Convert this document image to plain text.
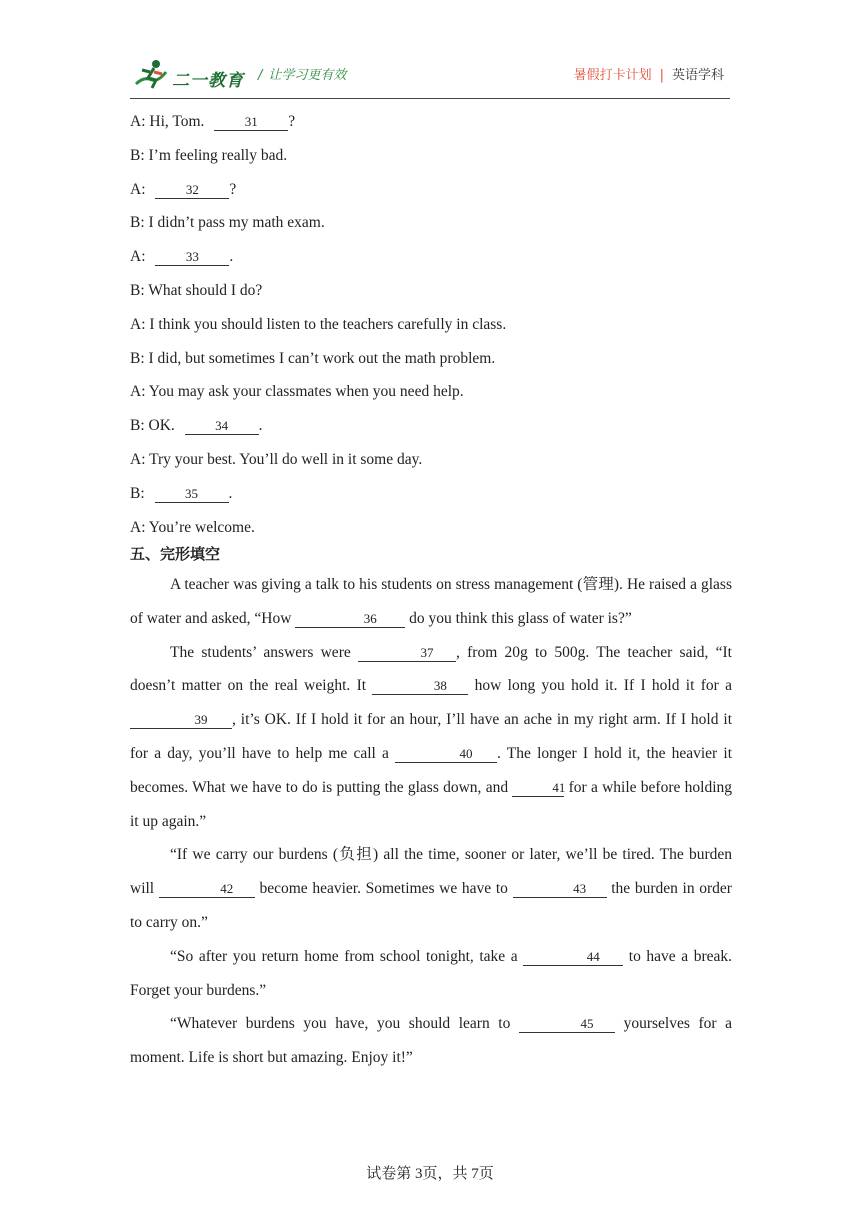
二一教育 / 让学习更有效	暑假打卡计划 | 英语学科
A: Hi, Tom.	31 ?
B: I’m feeling really bad.
A:	32 ?
B: I didn’t pass my math exam.
A:	33 .
B: What should I do?
A: I think you should listen to the teachers carefully in class.
B: I did, but sometimes I can’t work out the math problem.
A: You may ask your classmates when you need help.
B: OK.	34 .
A: Try your best. You’ll do well in it some day.
B:	35 .
A: You’re welcome.
五、完形填空

A teacher was giving a talk to his students on stress management (管理). He raised a glass of water and asked, “How	36 do you think this glass of water is?”

The students’ answers were	37 , from 20g to 500g. The teacher said, “It doesn’t matter on the real weight. It	38 how long you hold it. If I hold it for a 39 , it’s OK. If I hold it for an hour, I’ll have an ache in my right arm. If I hold it for a day, you’ll have to help me call a	40 . The longer I hold it, the heavier it becomes. What we have to do is putting the glass down, and	41 for a while before holding it up again.”

“If we carry our burdens (负担) all the time, sooner or later, we’ll be tired. The burden will	42 become heavier. Sometimes we have to	43 the burden in order to carry on.”

“So after you return home from school tonight, take a	44 to have a break. Forget your burdens.”

“Whatever burdens you have, you should learn to	45 yourselves for a moment. Life is short but amazing. Enjoy it!”

试卷第 3页，共 7页
